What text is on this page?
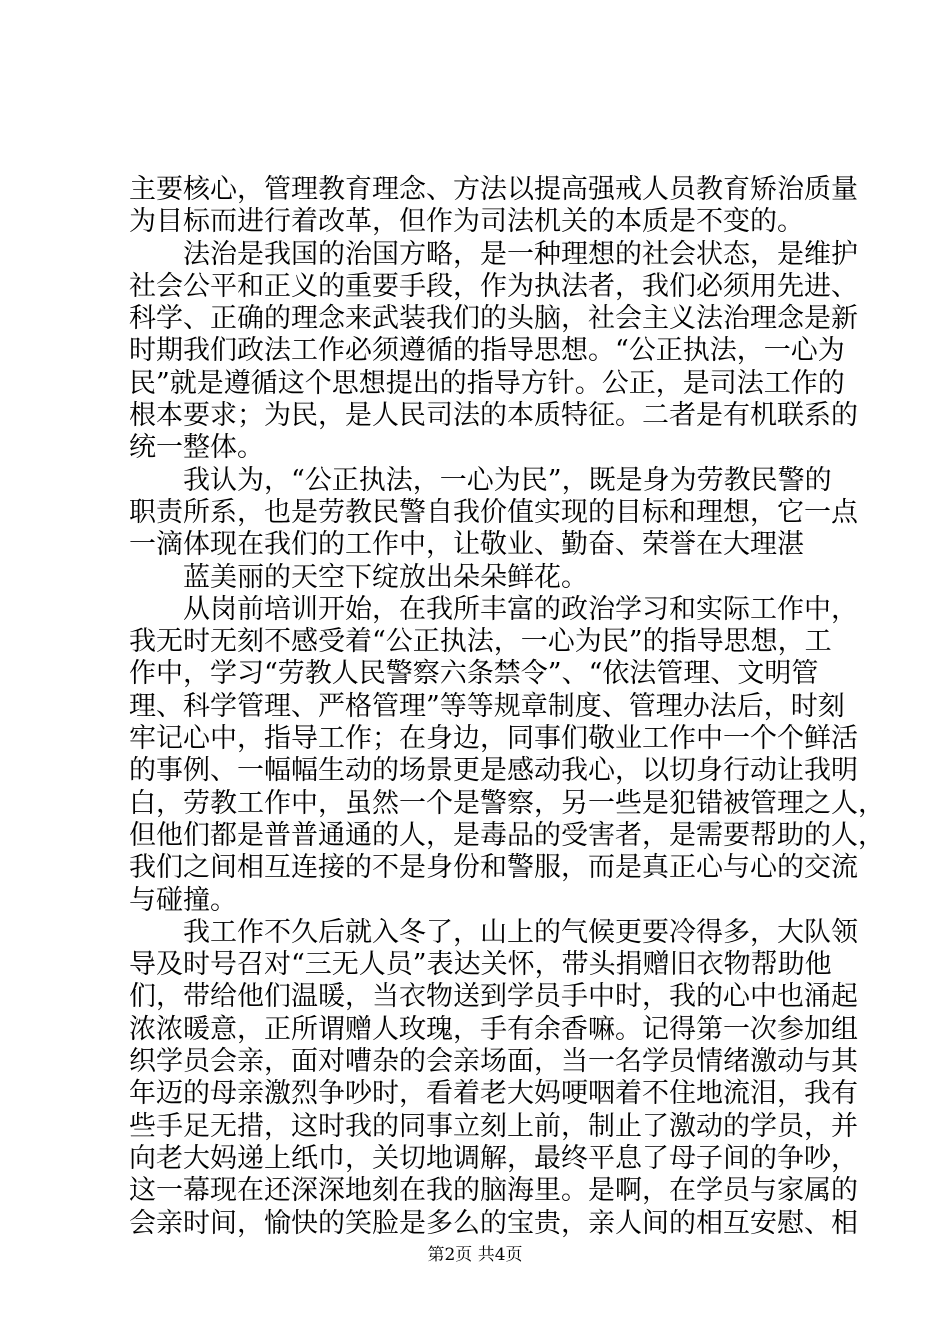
主要核心，管理教育理念、方法以提高强戒人员教育矫治质量
为目标而进行着改革，但作为司法机关的本质是不变的。
法治是我国的治国方略，是一种理想的社会状态，是维护
社会公平和正义的重要手段，作为执法者，我们必须用先进、
科学、正确的理念来武装我们的头脑，社会主义法治理念是新
时期我们政法工作必须遵循的指导思想。“公正执法，一心为
民”就是遵循这个思想提出的指导方针。公正，是司法工作的
根本要求；为民，是人民司法的本质特征。二者是有机联系的
统一整体。
我认为，“公正执法，一心为民”，既是身为劳教民警的
职责所系，也是劳教民警自我价值实现的目标和理想，它一点
一滴体现在我们的工作中，让敬业、勤奋、荣誉在大理湛
蓝美丽的天空下绽放出朵朵鲜花。
从岗前培训开始，在我所丰富的政治学习和实际工作中，
我无时无刻不感受着“公正执法，一心为民”的指导思想，工
作中，学习“劳教人民警察六条禁令”、“依法管理、文明管
理、科学管理、严格管理”等等规章制度、管理办法后，时刻
牢记心中，指导工作；在身边，同事们敬业工作中一个个鲜活
的事例、一幅幅生动的场景更是感动我心，以切身行动让我明
白，劳教工作中，虽然一个是警察，另一些是犯错被管理之人，
但他们都是普普通通的人，是毒品的受害者，是需要帮助的人，
我们之间相互连接的不是身份和警服，而是真正心与心的交流
与碰撞。
我工作不久后就入冬了，山上的气候更要冷得多，大队领
导及时号召对“三无人员”表达关怀，带头捐赠旧衣物帮助他
们，带给他们温暖，当衣物送到学员手中时，我的心中也涌起
浓浓暖意，正所谓赠人玫瑰，手有余香嘛。记得第一次参加组
织学员会亲，面对嘈杂的会亲场面，当一名学员情绪激动与其
年迈的母亲激烈争吵时，看着老大妈哽咽着不住地流泪，我有
些手足无措，这时我的同事立刻上前，制止了激动的学员，并
向老大妈递上纸巾，关切地调解，最终平息了母子间的争吵，
这一幕现在还深深地刻在我的脑海里。是啊，在学员与家属的
会亲时间，愉快的笑脸是多么的宝贵，亲人间的相互安慰、相
第2页 共4页
